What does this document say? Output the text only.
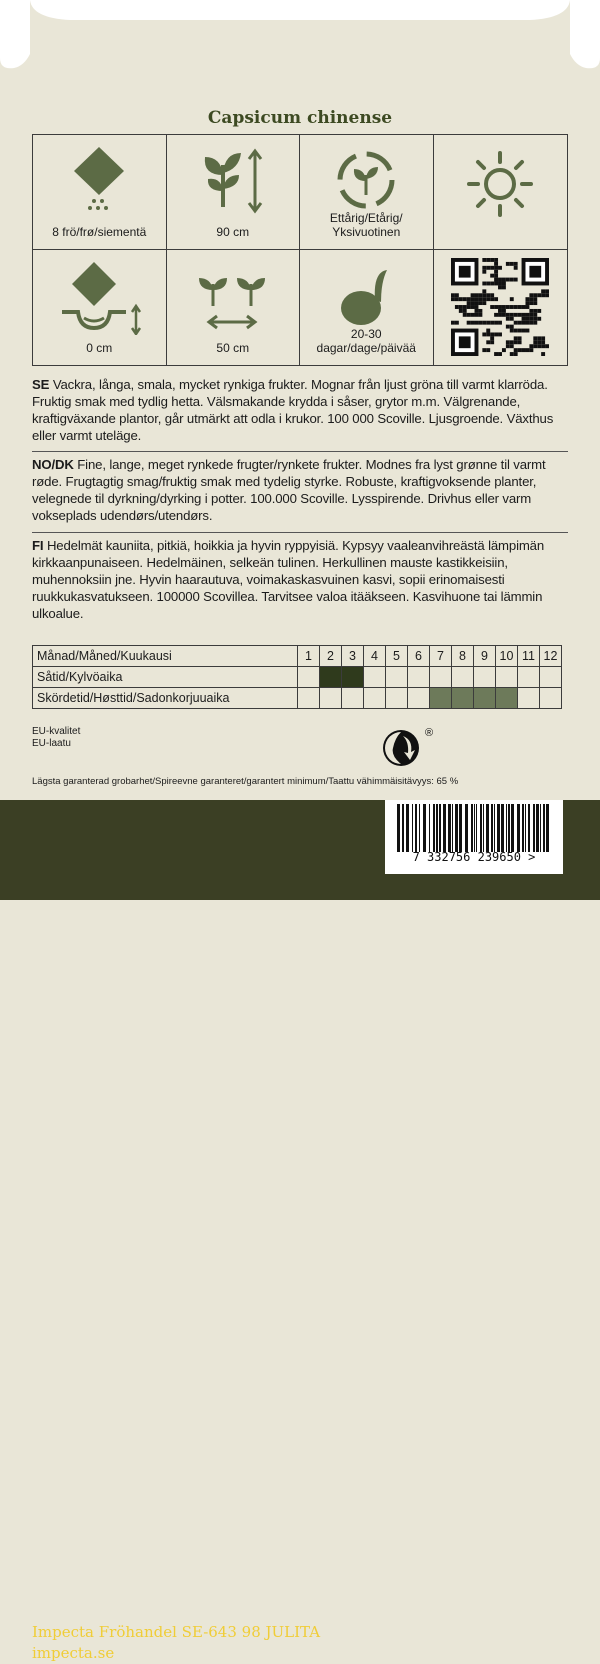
Capsicum chinense
8 frö/frø/siementä	90 cm
Ettårig/Etårig/
Yksivuotinen
0 cm	50 cm
20-30
dagar/dage/päivää
SE Vackra, långa, smala, mycket rynkiga frukter. Mognar från ljust gröna till varmt klarröda. Fruktig smak med tydlig hetta. Välsmakande krydda i såser, grytor m.m. Välgrenande, kraftigväxande plantor, går utmärkt att odla i krukor. 100 000 Scoville. Ljusgroende. Växthus eller varmt uteläge.
NO/DK Fine, lange, meget rynkede frugter/rynkete frukter. Modnes fra lyst grønne til varmt røde. Frugtagtig smag/fruktig smak med tydelig styrke. Robuste, kraftigvoksende planter, velegnede til dyrkning/dyrking i potter. 100.000 Scoville. Lysspirende. Drivhus eller varm vokseplads udendørs/utendørs.
FI Hedelmät kauniita, pitkiä, hoikkia ja hyvin ryppyisiä. Kypsyy vaaleanvihreästä lämpimän kirkkaanpunaiseen. Hedelmäinen, selkeän tulinen. Herkullinen mauste kastikkeisiin, muhennoksiin jne. Hyvin haarautuva, voimakaskasvuinen kasvi, sopii erinomaisesti ruukkukasvatukseen. 100000 Scovillea. Tarvitsee valoa itääkseen. Kasvihuone tai lämmin ulkoalue.
Månad/Måned/Kuukausi	1	2	3	4	5	6	7	8	9	10	11	12
Såtid/Kylvöaika												
Skördetid/Høsttid/Sadonkorjuuaika												
EU-kvalitet
EU-laatu
®
Lägsta garanterad grobarhet/Spireevne garanteret/garantert minimum/Taattu vähimmäisitävyys: 65 %
Impecta Fröhandel SE-643 98 JULITA
impecta.se
7 332756 239650 >
